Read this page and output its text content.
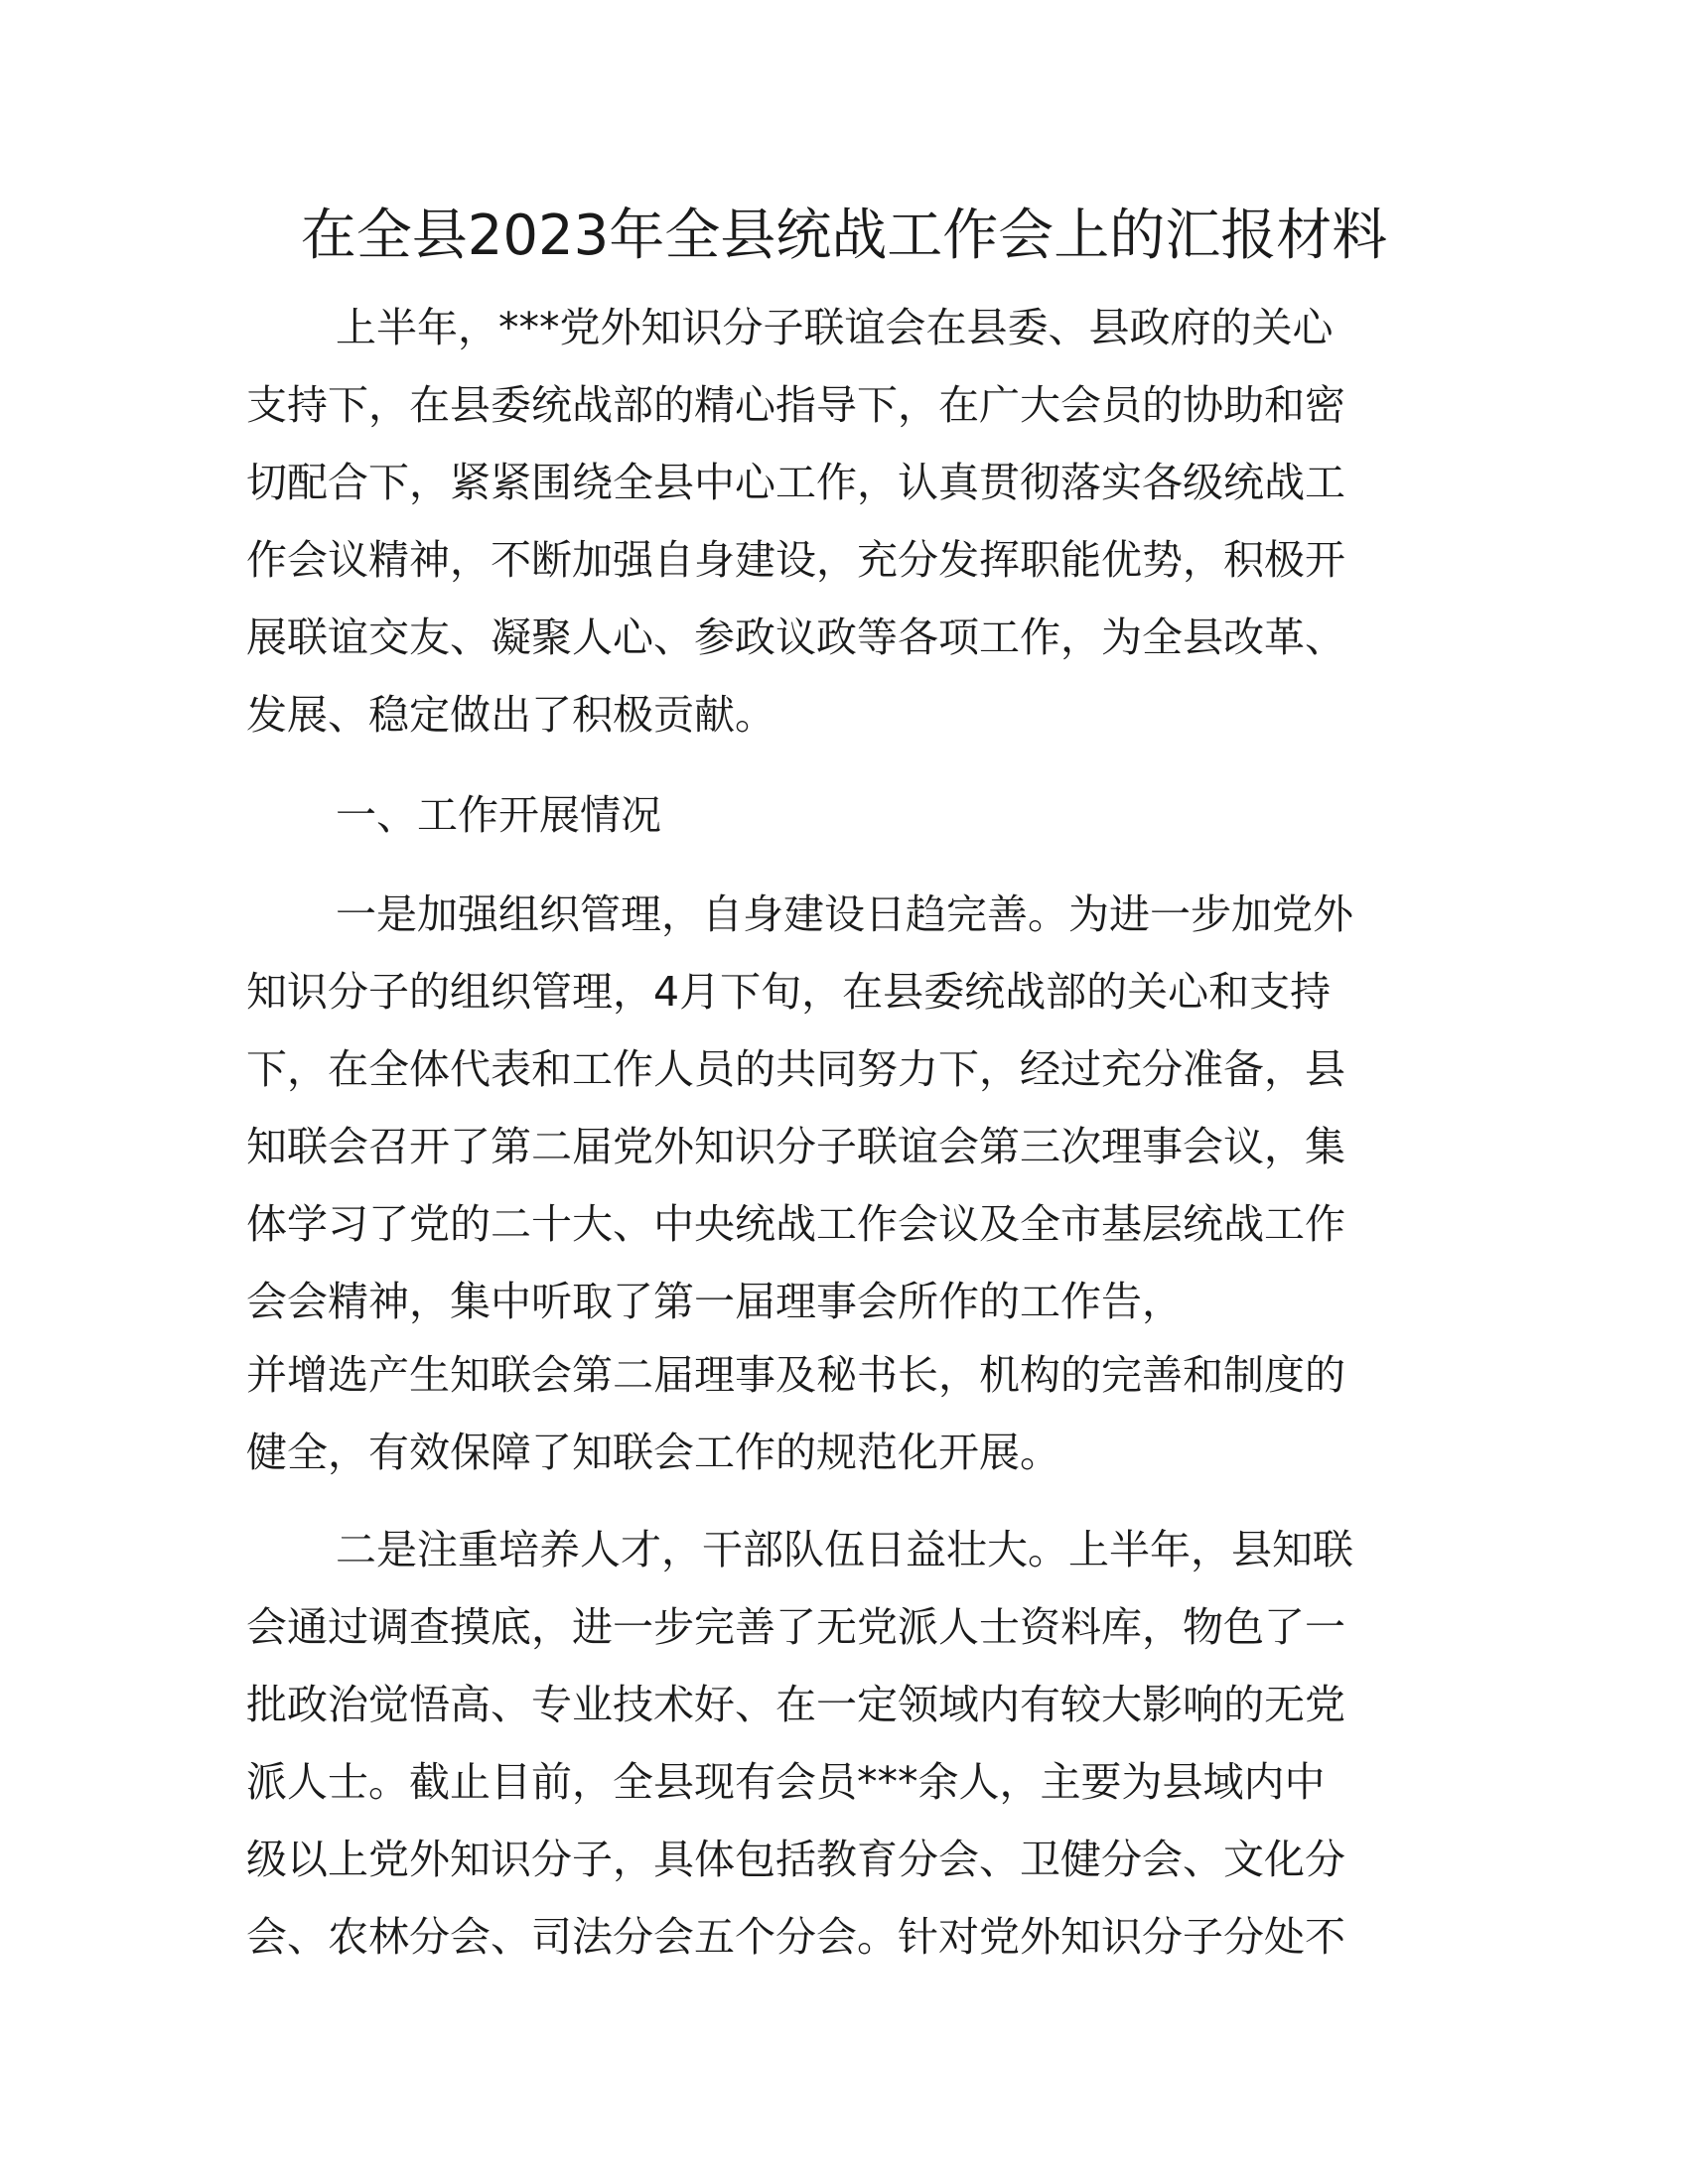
在全县2023年全县统战工作会上的汇报材料

上半年，***党外知识分子联谊会在县委、县政府的关心

支持下，在县委统战部的精心指导下，在广大会员的协助和密

切配合下，紧紧围绕全县中心工作，认真贯彻落实各级统战工

作会议精神，不断加强自身建设，充分发挥职能优势，积极开

展联谊交友、凝聚人心、参政议政等各项工作，为全县改革、

发展、稳定做出了积极贡献。

一、工作开展情况

一是加强组织管理，自身建设日趋完善。为进一步加党外

知识分子的组织管理，4月下旬，在县委统战部的关心和支持

下，在全体代表和工作人员的共同努力下，经过充分准备，县

知联会召开了第二届党外知识分子联谊会第三次理事会议，集

体学习了党的二十大、中央统战工作会议及全市基层统战工作

会会精神，集中听取了第一届理事会所作的工作告，

并增选产生知联会第二届理事及秘书长，机构的完善和制度的

健全，有效保障了知联会工作的规范化开展。

二是注重培养人才，干部队伍日益壮大。上半年，县知联

会通过调查摸底，进一步完善了无党派人士资料库，物色了一

批政治觉悟高、专业技术好、在一定领域内有较大影响的无党

派人士。截止目前，全县现有会员***余人，主要为县域内中

级以上党外知识分子，具体包括教育分会、卫健分会、文化分

会、农林分会、司法分会五个分会。针对党外知识分子分处不
